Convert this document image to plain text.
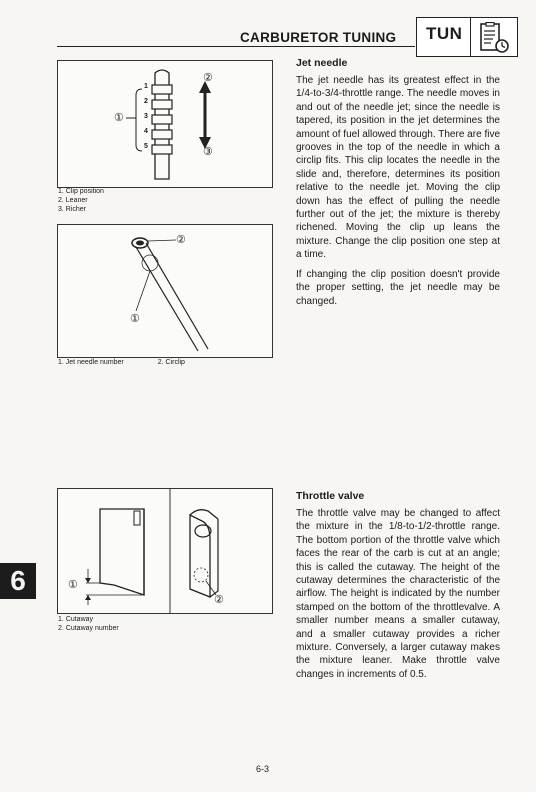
CARBURETOR TUNING TUN
1
2
3
4
5
①
②
③
1. Clip position
2. Leaner
3. Richer
②
①
1. Jet needle number	2. Circlip
①
②
1. Cutaway
2. Cutaway number
Jet needle

The jet needle has its greatest effect in the 1/4-to-3/4-throttle range. The needle moves in and out of the needle jet; since the needle is tapered, its position in the jet determines the amount of fuel allowed through. There are five grooves in the top of the needle in which a circlip fits. This clip locates the needle in the slide and, therefore, determines its position relative to the needle jet. Moving the clip down has the effect of pulling the needle further out of the jet; the mixture is thereby richened. Moving the clip up leans the mixture. Change the clip position one step at a time.

If changing the clip position doesn't provide the proper setting, the jet needle may be changed.

Throttle valve

The throttle valve may be changed to affect the mixture in the 1/8-to-1/2-throttle range. The bottom portion of the throttle valve which faces the rear of the carb is cut at an angle; this is called the cutaway. The height of the cutaway determines the characteristic of the airflow. The height is indicated by the number stamped on the bottom of the throttlevalve. A smaller number means a smaller cutaway, and a smaller cutaway provides a richer mixture. Conversely, a larger cutaway makes the mixture leaner. Make throttle valve changes in increments of 0.5.

6
6-3
